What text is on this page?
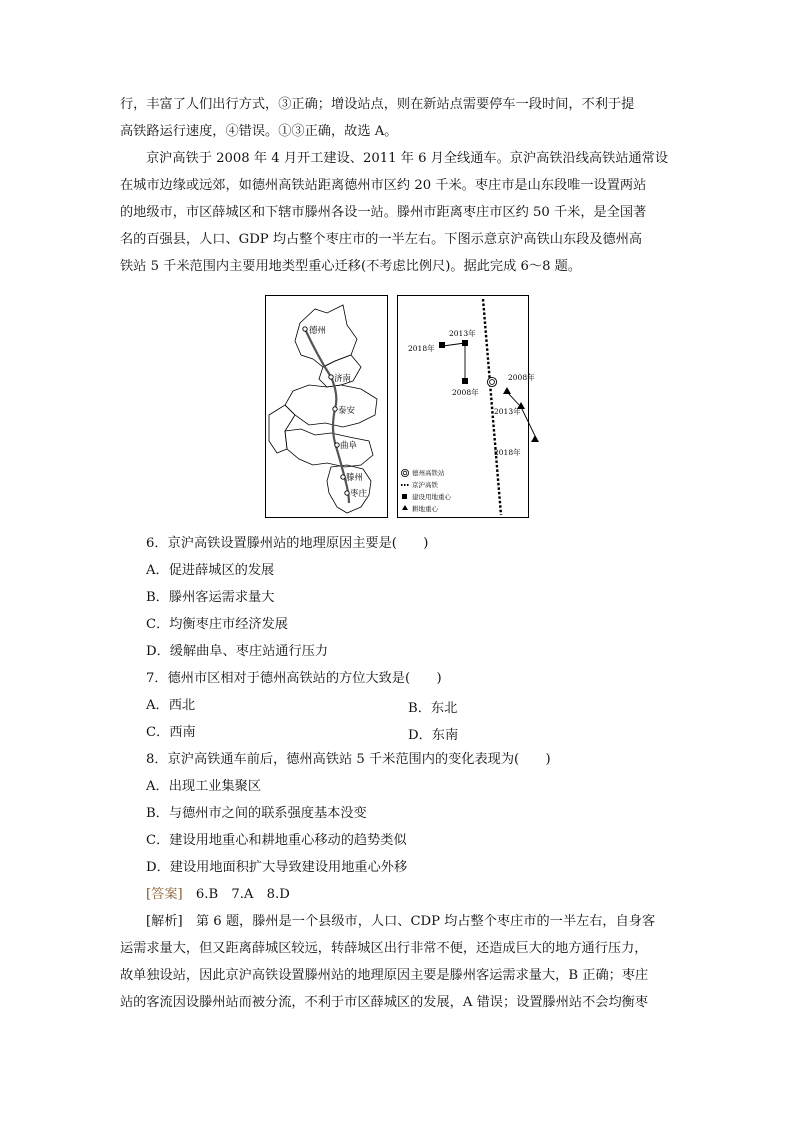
行，丰富了人们出行方式，③正确；增设站点，则在新站点需要停车一段时间，不利于提
高铁路运行速度，④错误。①③正确，故选 A。
京沪高铁于 2008 年 4 月开工建设、2011 年 6 月全线通车。京沪高铁沿线高铁站通常设
在城市边缘或远郊，如德州高铁站距离德州市区约 20 千米。枣庄市是山东段唯一设置两站
的地级市，市区薛城区和下辖市滕州各设一站。滕州市距离枣庄市区约 50 千米，是全国著
名的百强县，人口、GDP 均占整个枣庄市的一半左右。下图示意京沪高铁山东段及德州高
铁站 5 千米范围内主要用地类型重心迁移(不考虑比例尺)。据此完成 6～8 题。
德州
济南
泰安
曲阜
滕州
枣庄
2013年
2018年
2008年
2008年
2013年
2018年
德州高铁站
京沪高铁
建设用地重心
耕地重心
6．京沪高铁设置滕州站的地理原因主要是(　　)
A．促进薛城区的发展
B．滕州客运需求量大
C．均衡枣庄市经济发展
D．缓解曲阜、枣庄站通行压力
7．德州市区相对于德州高铁站的方位大致是(　　)
A．西北	B．东北
C．西南	D．东南
8．京沪高铁通车前后，德州高铁站 5 千米范围内的变化表现为(　　)
A．出现工业集聚区
B．与德州市之间的联系强度基本没变
C．建设用地重心和耕地重心移动的趋势类似
D．建设用地面积扩大导致建设用地重心外移
[答案]　 6.B　7.A　8.D
[解析]　 第 6 题，滕州是一个县级市，人口、CDP 均占整个枣庄市的一半左右，自身客
运需求量大，但又距离薛城区较远，转薛城区出行非常不便，还造成巨大的地方通行压力，
故单独设站，因此京沪高铁设置滕州站的地理原因主要是滕州客运需求量大，B 正确；枣庄
站的客流因设滕州站而被分流，不利于市区薛城区的发展，A 错误；设置滕州站不会均衡枣
